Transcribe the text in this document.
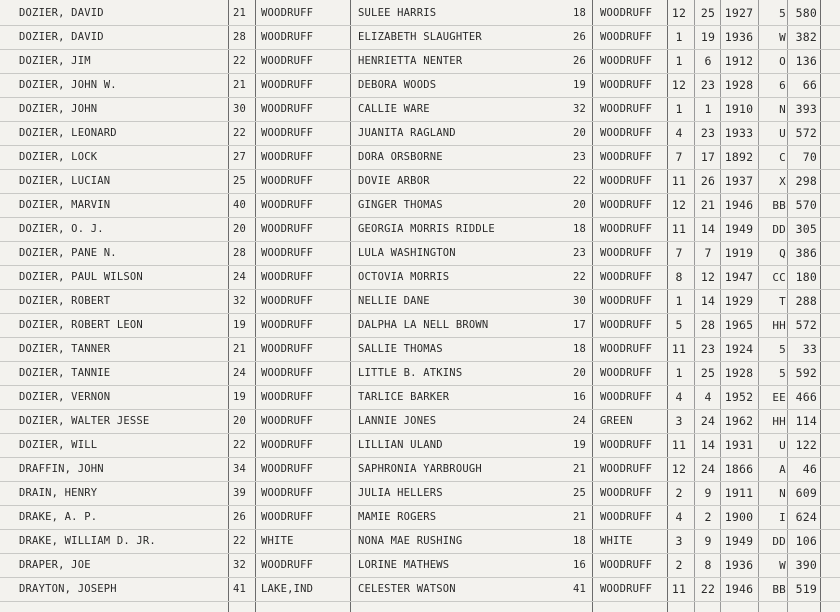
DOZIER, DAVID	21	WOODRUFF	SULEE HARRIS	18	WOODRUFF	12	25 1927	5 580
DOZIER, DAVID	28	WOODRUFF	ELIZABETH SLAUGHTER	26	WOODRUFF	1	19 1936	W 382
DOZIER, JIM	22	WOODRUFF	HENRIETTA NENTER	26	WOODRUFF	1	6	1912	O 136
DOZIER, JOHN W.	21	WOODRUFF	DEBORA WOODS	19	WOODRUFF	12	23 1928	6	66
DOZIER, JOHN	30	WOODRUFF	CALLIE WARE	32	WOODRUFF	1	1	1910	N 393
DOZIER, LEONARD	22	WOODRUFF	JUANITA RAGLAND	20	WOODRUFF	4	23 1933	U 572
DOZIER, LOCK	27	WOODRUFF	DORA ORSBORNE	23	WOODRUFF	7	17 1892	C	70
DOZIER, LUCIAN	25	WOODRUFF	DOVIE ARBOR	22	WOODRUFF	11	26 1937	X 298
DOZIER, MARVIN	40	WOODRUFF	GINGER THOMAS	20	WOODRUFF	12	21 1946	BB 570
DOZIER, O. J.	20	WOODRUFF	GEORGIA MORRIS RIDDLE	18	WOODRUFF	11	14 1949	DD 305
DOZIER, PANE N.	28	WOODRUFF	LULA WASHINGTON	23	WOODRUFF	7	7	1919	Q 386
DOZIER, PAUL WILSON	24	WOODRUFF	OCTOVIA MORRIS	22	WOODRUFF	8	12 1947	CC 180
DOZIER, ROBERT	32	WOODRUFF	NELLIE DANE	30	WOODRUFF	1	14 1929	T 288
DOZIER, ROBERT LEON	19	WOODRUFF	DALPHA LA NELL BROWN	17	WOODRUFF	5	28 1965	HH 572
DOZIER, TANNER	21	WOODRUFF	SALLIE THOMAS	18	WOODRUFF	11	23 1924	5	33
DOZIER, TANNIE	24	WOODRUFF	LITTLE B. ATKINS	20	WOODRUFF	1	25 1928	5 592
DOZIER, VERNON	19	WOODRUFF	TARLICE BARKER	16	WOODRUFF	4	4	1952	EE 466
DOZIER, WALTER JESSE	20	WOODRUFF	LANNIE JONES	24	GREEN	3	24 1962	HH 114
DOZIER, WILL	22	WOODRUFF	LILLIAN ULAND	19	WOODRUFF	11	14 1931	U 122
DRAFFIN, JOHN	34	WOODRUFF	SAPHRONIA YARBROUGH	21	WOODRUFF	12	24 1866	A	46
DRAIN, HENRY	39	WOODRUFF	JULIA HELLERS	25	WOODRUFF	2	9	1911	N 609
DRAKE, A. P.	26	WOODRUFF	MAMIE ROGERS	21	WOODRUFF	4	2	1900	I 624
DRAKE, WILLIAM D. JR.	22	WHITE	NONA MAE RUSHING	18	WHITE	3	9	1949	DD 106
DRAPER, JOE	32	WOODRUFF	LORINE MATHEWS	16	WOODRUFF	2	8	1936	W 390
DRAYTON, JOSEPH	41	LAKE,IND	CELESTER WATSON	41	WOODRUFF	11	22 1946	BB 519
